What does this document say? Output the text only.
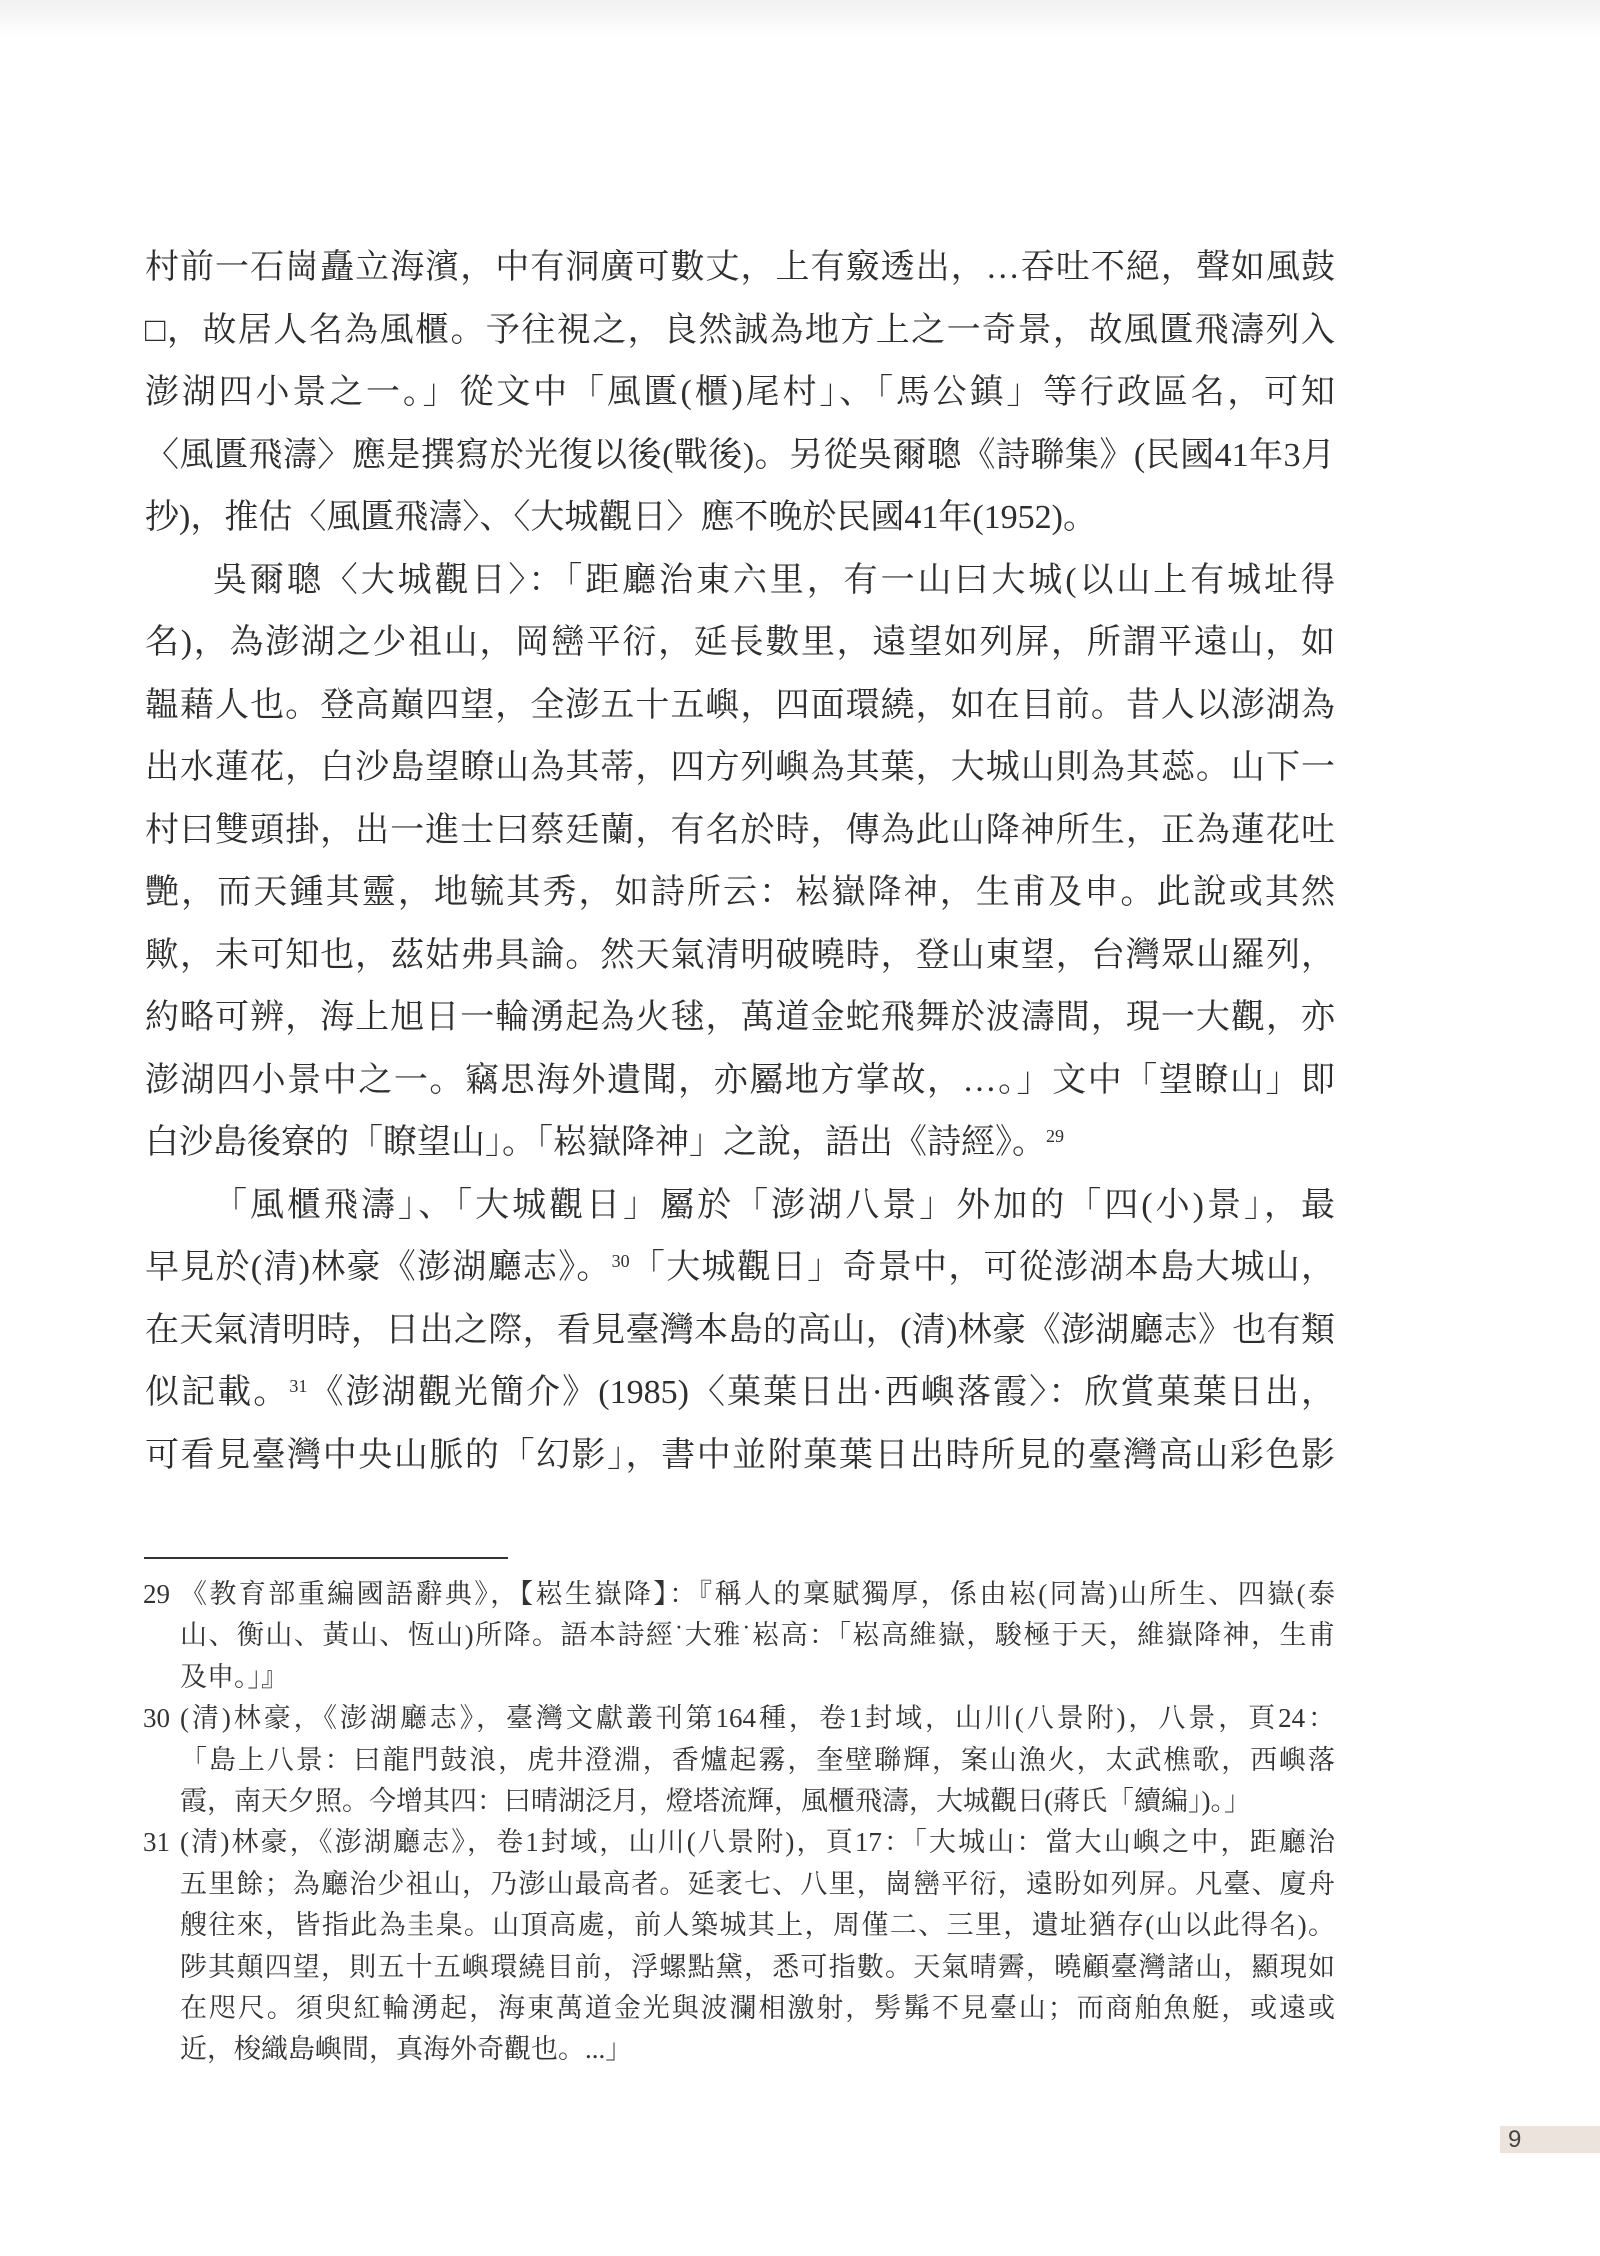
村前一石崗矗立海濱，中有洞廣可數丈，上有竅透出，…吞吐不絕，聲如風鼓
□，故居人名為風櫃。予往視之，良然誠為地方上之一奇景，故風匱飛濤列入
澎湖四小景之一。」從文中「風匱(櫃)尾村」、「馬公鎮」等行政區名，可知
〈風匱飛濤〉應是撰寫於光復以後(戰後)。另從吳爾聰《詩聯集》(民國41年3月
抄)，推估〈風匱飛濤〉、〈大城觀日〉應不晚於民國41年(1952)。
吳爾聰〈大城觀日〉：「距廳治東六里，有一山曰大城(以山上有城址得
名)，為澎湖之少祖山，岡巒平衍，延長數里，遠望如列屏，所謂平遠山，如
韞藉人也。登高巔四望，全澎五十五嶼，四面環繞，如在目前。昔人以澎湖為
出水蓮花，白沙島望瞭山為其蒂，四方列嶼為其葉，大城山則為其蕊。山下一
村曰雙頭掛，出一進士曰蔡廷蘭，有名於時，傳為此山降神所生，正為蓮花吐
艷，而天鍾其靈，地毓其秀，如詩所云：崧嶽降神，生甫及申。此說或其然
歟，未可知也，茲姑弗具論。然天氣清明破曉時，登山東望，台灣眾山羅列，
約略可辨，海上旭日一輪湧起為火毬，萬道金蛇飛舞於波濤間，現一大觀，亦
澎湖四小景中之一。竊思海外遺聞，亦屬地方掌故，…。」文中「望瞭山」即
白沙島後寮的「瞭望山」。「崧嶽降神」之說，語出《詩經》。$^{29}$
「風櫃飛濤」、「大城觀日」屬於「澎湖八景」外加的「四(小)景」，最
早見於(清)林豪《澎湖廳志》。$^{30}$「大城觀日」奇景中，可從澎湖本島大城山，
在天氣清明時，日出之際，看見臺灣本島的高山，(清)林豪《澎湖廳志》也有類
似記載。$^{31}$《澎湖觀光簡介》(1985)〈菓葉日出·西嶼落霞〉：欣賞菓葉日出，
可看見臺灣中央山脈的「幻影」，書中並附菓葉日出時所見的臺灣高山彩色影
29 《教育部重編國語辭典》，【崧生嶽降】：『稱人的稟賦獨厚，係由崧(同嵩)山所生、四嶽(泰
山、衡山、黃山、恆山)所降。語本詩經˙大雅˙崧高：「崧高維嶽，駿極于天，維嶽降神，生甫
及申。」』
30 (清)林豪，《澎湖廳志》，臺灣文獻叢刊第164種，卷1封域，山川(八景附)，八景，頁24：
「島上八景：曰龍門鼓浪，虎井澄淵，香爐起霧，奎壁聯輝，案山漁火，太武樵歌，西嶼落
霞，南天夕照。今增其四：曰晴湖泛月，燈塔流輝，風櫃飛濤，大城觀日(蔣氏「續編」)。」
31 (清)林豪，《澎湖廳志》，卷1封域，山川(八景附)，頁17：「大城山：當大山嶼之中，距廳治
五里餘；為廳治少祖山，乃澎山最高者。延袤七、八里，崗巒平衍，遠盼如列屏。凡臺、廈舟
艘往來，皆指此為圭臬。山頂高處，前人築城其上，周僅二、三里，遺址猶存(山以此得名)。
陟其顛四望，則五十五嶼環繞目前，浮螺點黛，悉可指數。天氣晴霽，曉顧臺灣諸山，顯現如
在咫尺。須臾紅輪湧起，海東萬道金光與波瀾相激射，髣髴不見臺山；而商舶魚艇，或遠或
近，梭織島嶼間，真海外奇觀也。...」
9
